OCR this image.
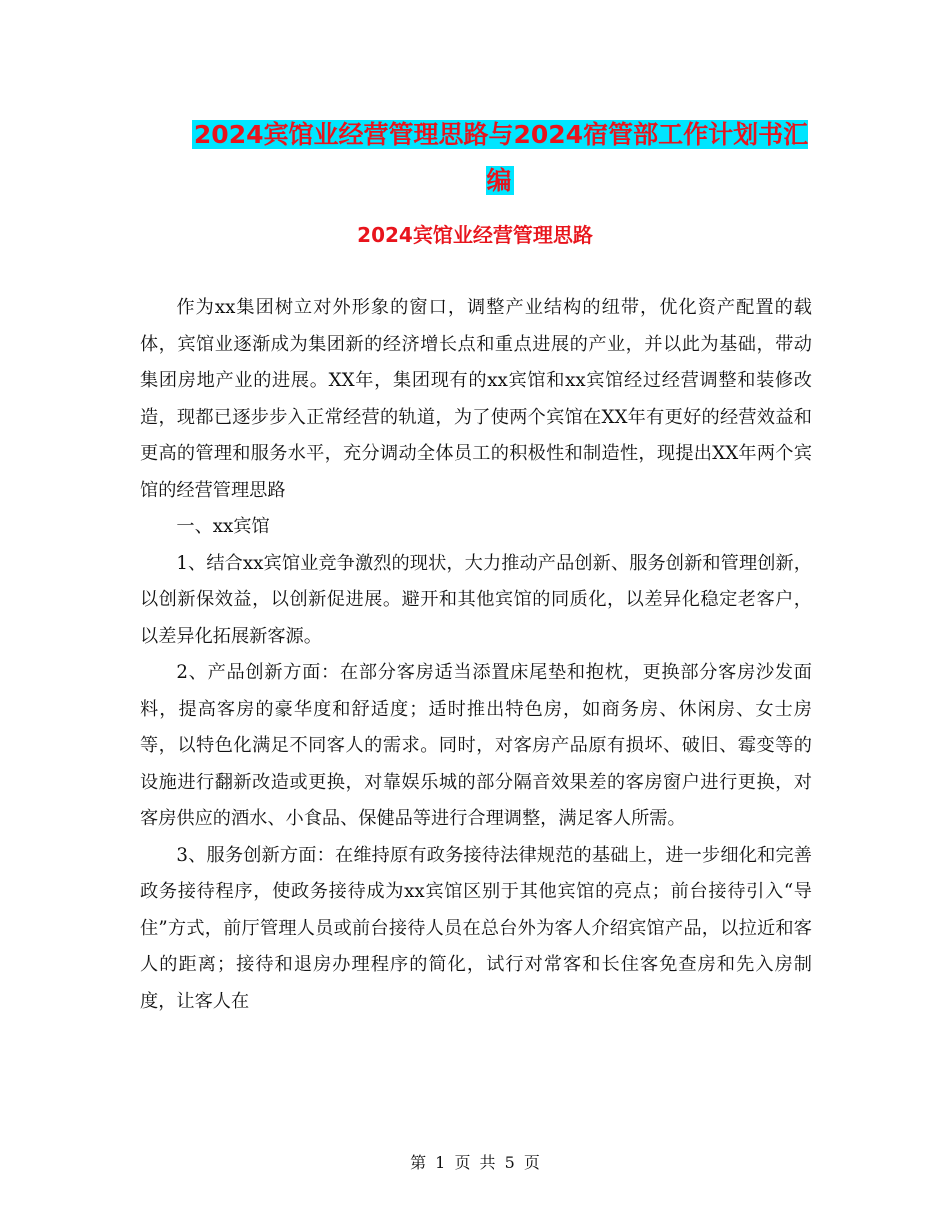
2024宾馆业经营管理思路与2024宿管部工作计划书汇编
2024宾馆业经营管理思路

作为xx集团树立对外形象的窗口，调整产业结构的纽带，优化资产配置的载体，宾馆业逐渐成为集团新的经济增长点和重点进展的产业，并以此为基础，带动集团房地产业的进展。XX年，集团现有的xx宾馆和xx宾馆经过经营调整和装修改造，现都已逐步步入正常经营的轨道，为了使两个宾馆在XX年有更好的经营效益和更高的管理和服务水平，充分调动全体员工的积极性和制造性，现提出XX年两个宾馆的经营管理思路

一、xx宾馆

1、结合xx宾馆业竞争激烈的现状，大力推动产品创新、服务创新和管理创新，以创新保效益，以创新促进展。避开和其他宾馆的同质化，以差异化稳定老客户，以差异化拓展新客源。

2、产品创新方面：在部分客房适当添置床尾垫和抱枕，更换部分客房沙发面料，提高客房的豪华度和舒适度；适时推出特色房，如商务房、休闲房、女士房等，以特色化满足不同客人的需求。同时，对客房产品原有损坏、破旧、霉变等的设施进行翻新改造或更换，对靠娱乐城的部分隔音效果差的客房窗户进行更换，对客房供应的酒水、小食品、保健品等进行合理调整，满足客人所需。

3、服务创新方面：在维持原有政务接待法律规范的基础上，进一步细化和完善政务接待程序，使政务接待成为xx宾馆区别于其他宾馆的亮点；前台接待引入“导住”方式，前厅管理人员或前台接待人员在总台外为客人介绍宾馆产品，以拉近和客人的距离；接待和退房办理程序的简化，试行对常客和长住客免查房和先入房制度，让客人在

第 1 页 共 5 页
